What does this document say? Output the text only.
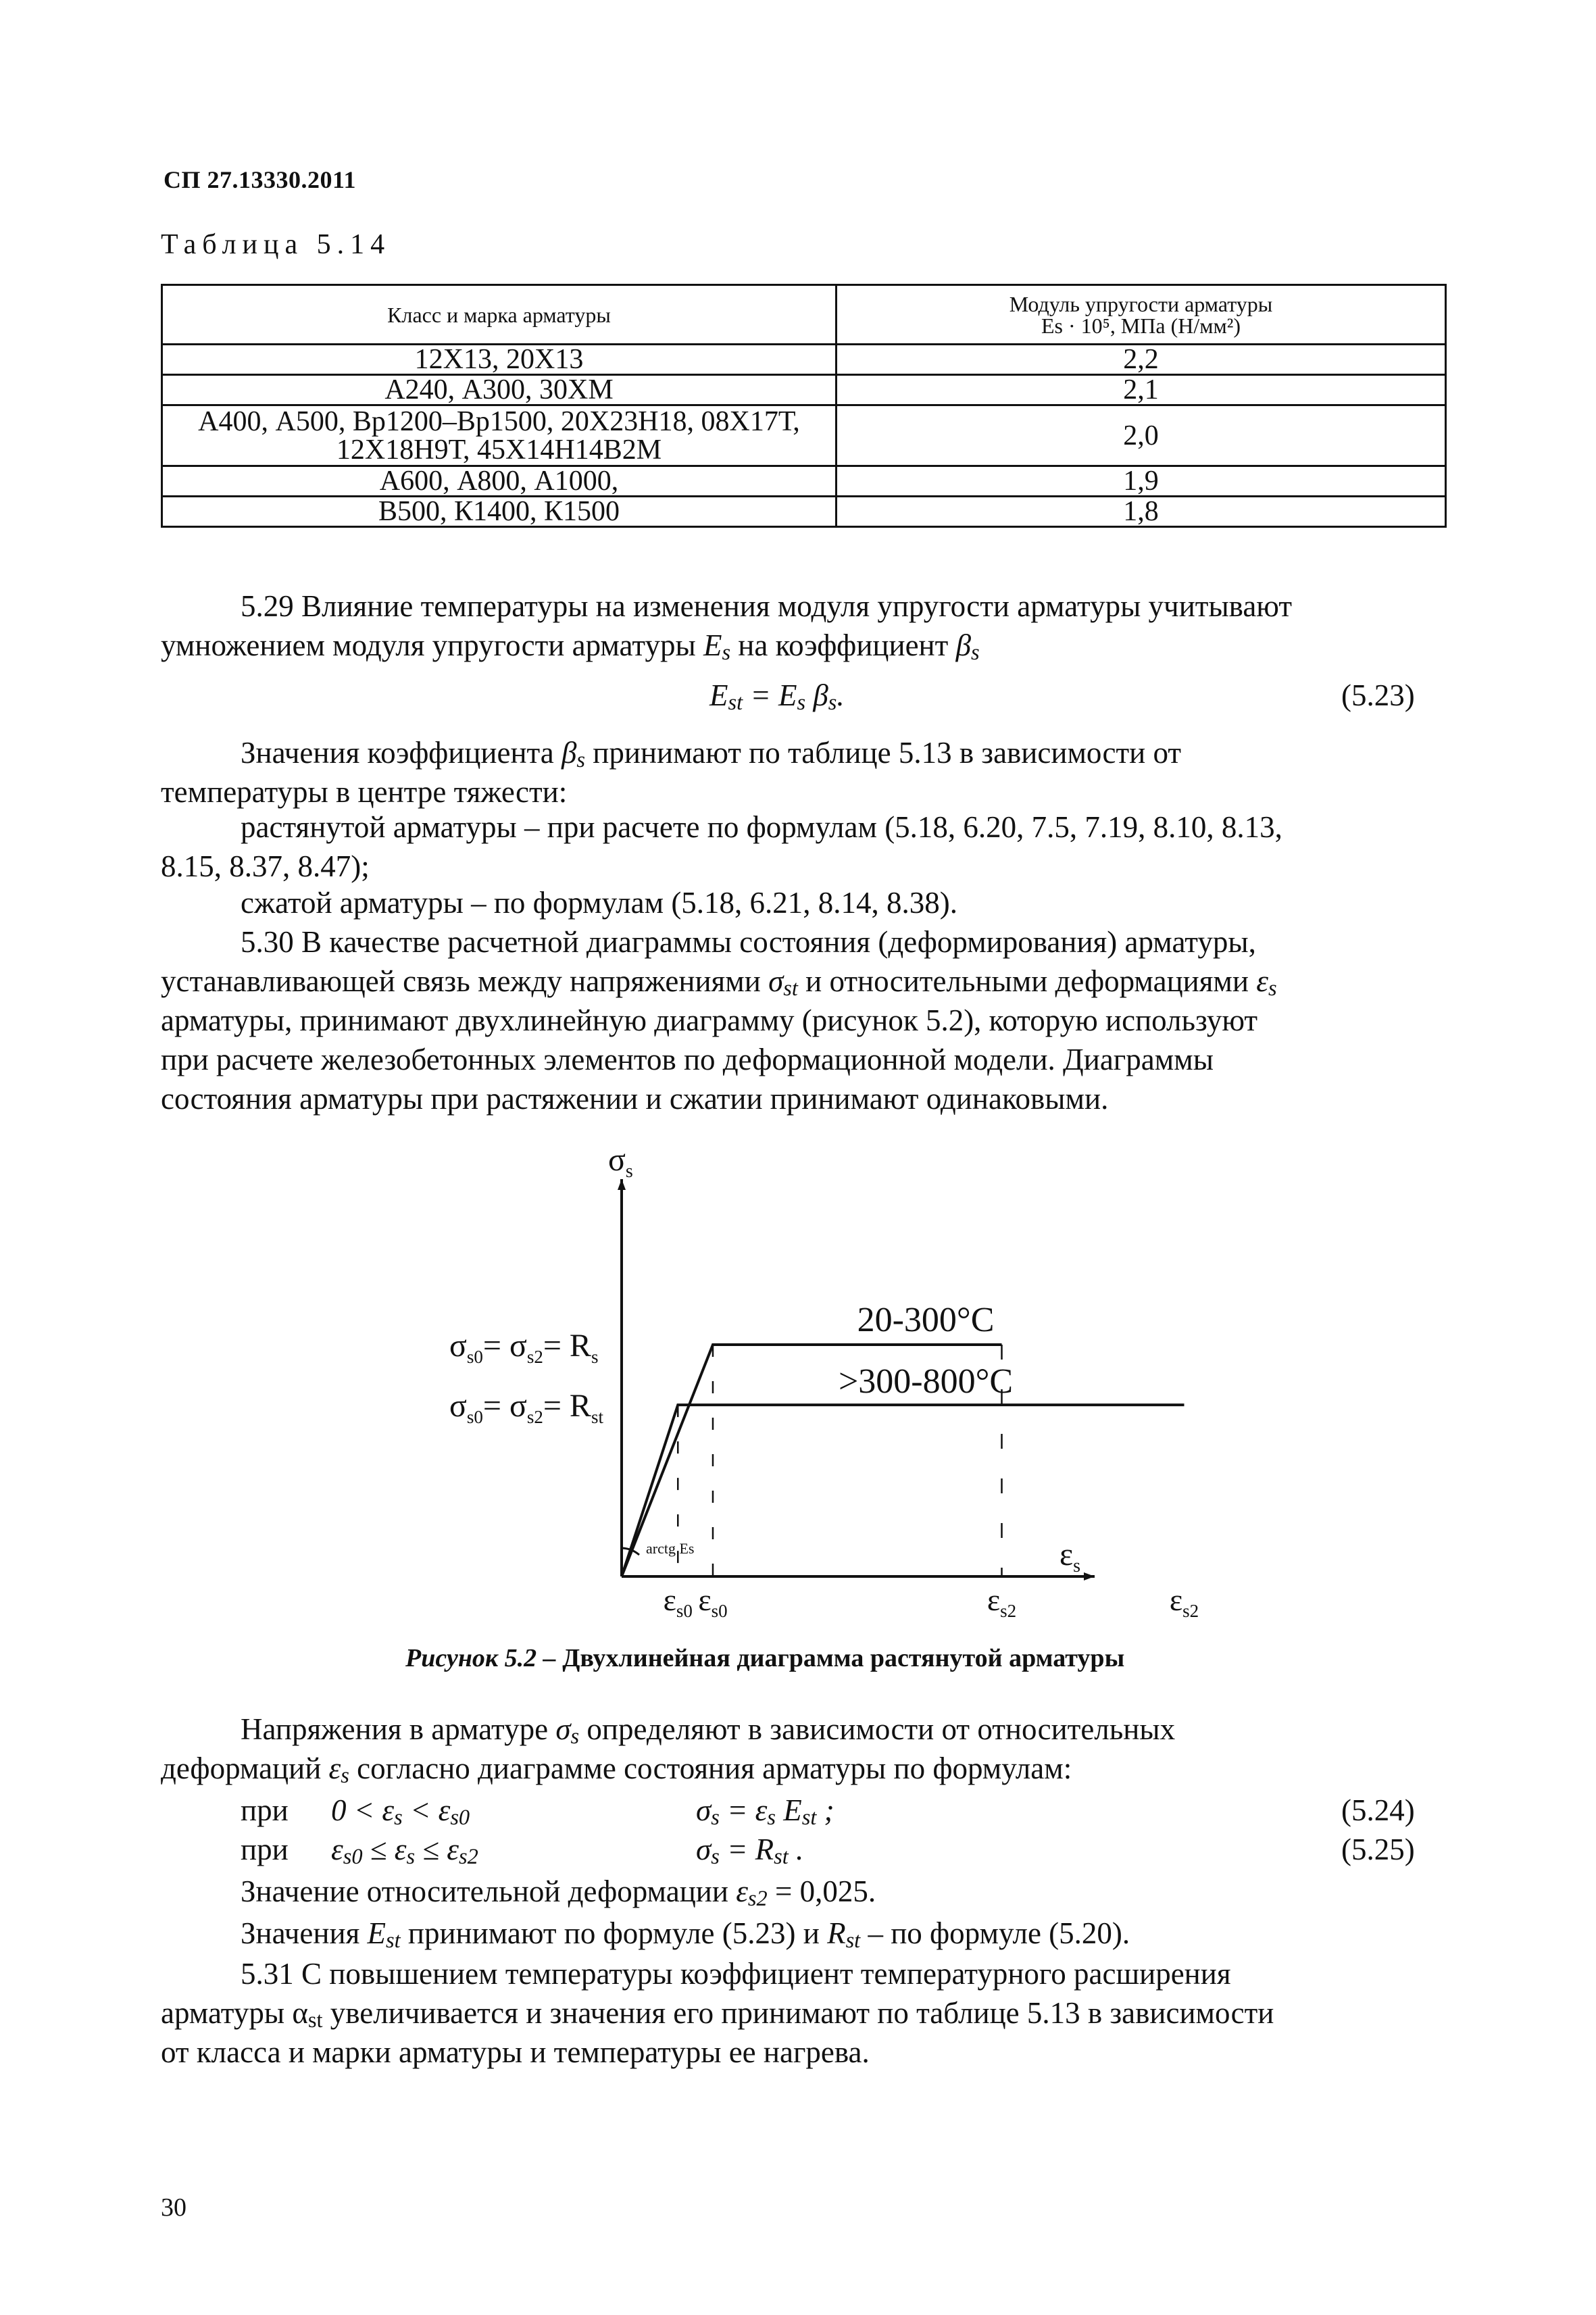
СП 27.13330.2011
Таблица 5.14
Класс и марка арматуры	Модуль упругости арматуры
Es · 10⁵, МПа (Н/мм²)

12Х13, 20Х13	2,2
А240, А300, 30ХМ	2,1

А400, А500, Bp1200–Bp1500, 20Х23Н18, 08Х17Т,
12Х18Н9Т, 45Х14Н14В2М	2,0
А600, А800, А1000,	1,9
В500, К1400, К1500	1,8
5.29 Влияние температуры на изменения модуля упругости арматуры учитывают
умножением модуля упругости арматуры Es на коэффициент βs
Est = Es βs.	(5.23)
Значения коэффициента βs принимают по таблице 5.13 в зависимости от
температуры в центре тяжести:
растянутой арматуры – при расчете по формулам (5.18, 6.20, 7.5, 7.19, 8.10, 8.13,
8.15, 8.37, 8.47);
сжатой арматуры – по формулам (5.18, 6.21, 8.14, 8.38).
5.30 В качестве расчетной диаграммы состояния (деформирования) арматуры,
устанавливающей связь между напряжениями σst и относительными деформациями εs
арматуры, принимают двухлинейную диаграмму (рисунок 5.2), которую используют
при расчете железобетонных элементов по деформационной модели. Диаграммы
состояния арматуры при растяжении и сжатии принимают одинаковыми.
$\sigma_s$
$\varepsilon_s$
arctg Es
20-300°C
>300-800°C
$\sigma_{s0}= \sigma_{s2}= R_s$
$\sigma_{s0}= \sigma_{s2}= R_{st}$
$\varepsilon_{s0}$ $\varepsilon_{s0}$	$\varepsilon_{s2}$	$\varepsilon_{s2}$
Рисунок 5.2 – Двухлинейная диаграмма растянутой арматуры
Напряжения в арматуре σs определяют в зависимости от относительных
деформаций εs согласно диаграмме состояния арматуры по формулам:
при 0 < εs < εs0	σs = εs Est ;	(5.24)
при εs0 ≤ εs ≤ εs2	σs = Rst .	(5.25)
Значение относительной деформации εs2 = 0,025.
Значения Est принимают по формуле (5.23) и Rst – по формуле (5.20).
5.31 С повышением температуры коэффициент температурного расширения
арматуры αst увеличивается и значения его принимают по таблице 5.13 в зависимости
от класса и марки арматуры и температуры ее нагрева.
30
